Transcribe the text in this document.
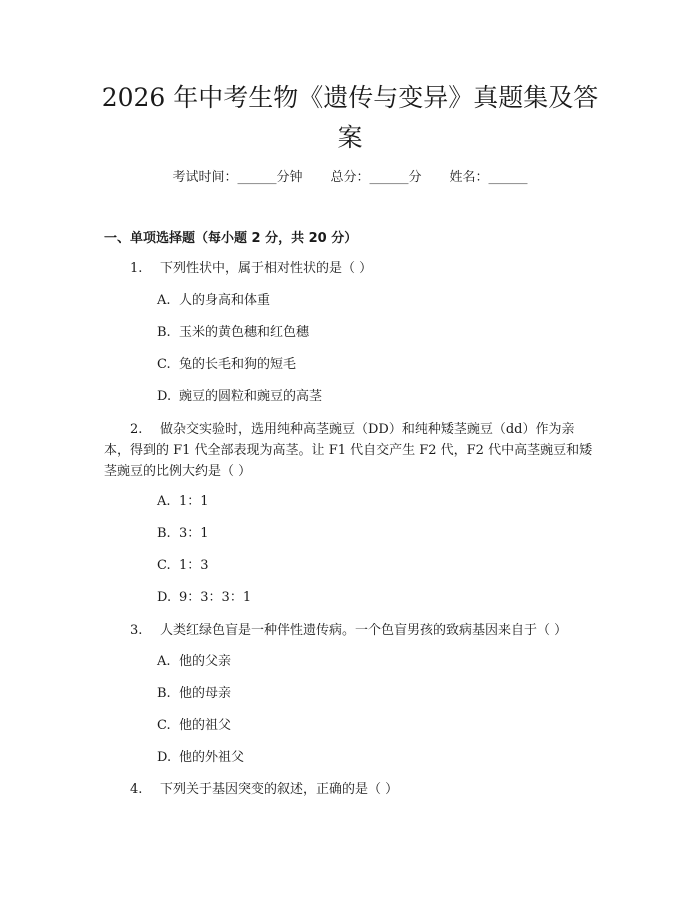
2026 年中考生物《遗传与变异》真题集及答案
考试时间：______分钟 总分：______分 姓名：______
一、单项选择题（每小题 2 分，共 20 分）
1. 下列性状中，属于相对性状的是（ ）
A. 人的身高和体重
B. 玉米的黄色穗和红色穗
C. 兔的长毛和狗的短毛
D. 豌豆的圆粒和豌豆的高茎
2. 做杂交实验时，选用纯种高茎豌豆（DD）和纯种矮茎豌豆（dd）作为亲本，得到的 F1 代全部表现为高茎。让 F1 代自交产生 F2 代，F2 代中高茎豌豆和矮茎豌豆的比例大约是（ ）
A. 1：1
B. 3：1
C. 1：3
D. 9：3：3：1
3. 人类红绿色盲是一种伴性遗传病。一个色盲男孩的致病基因来自于（ ）
A. 他的父亲
B. 他的母亲
C. 他的祖父
D. 他的外祖父
4. 下列关于基因突变的叙述，正确的是（ ）
